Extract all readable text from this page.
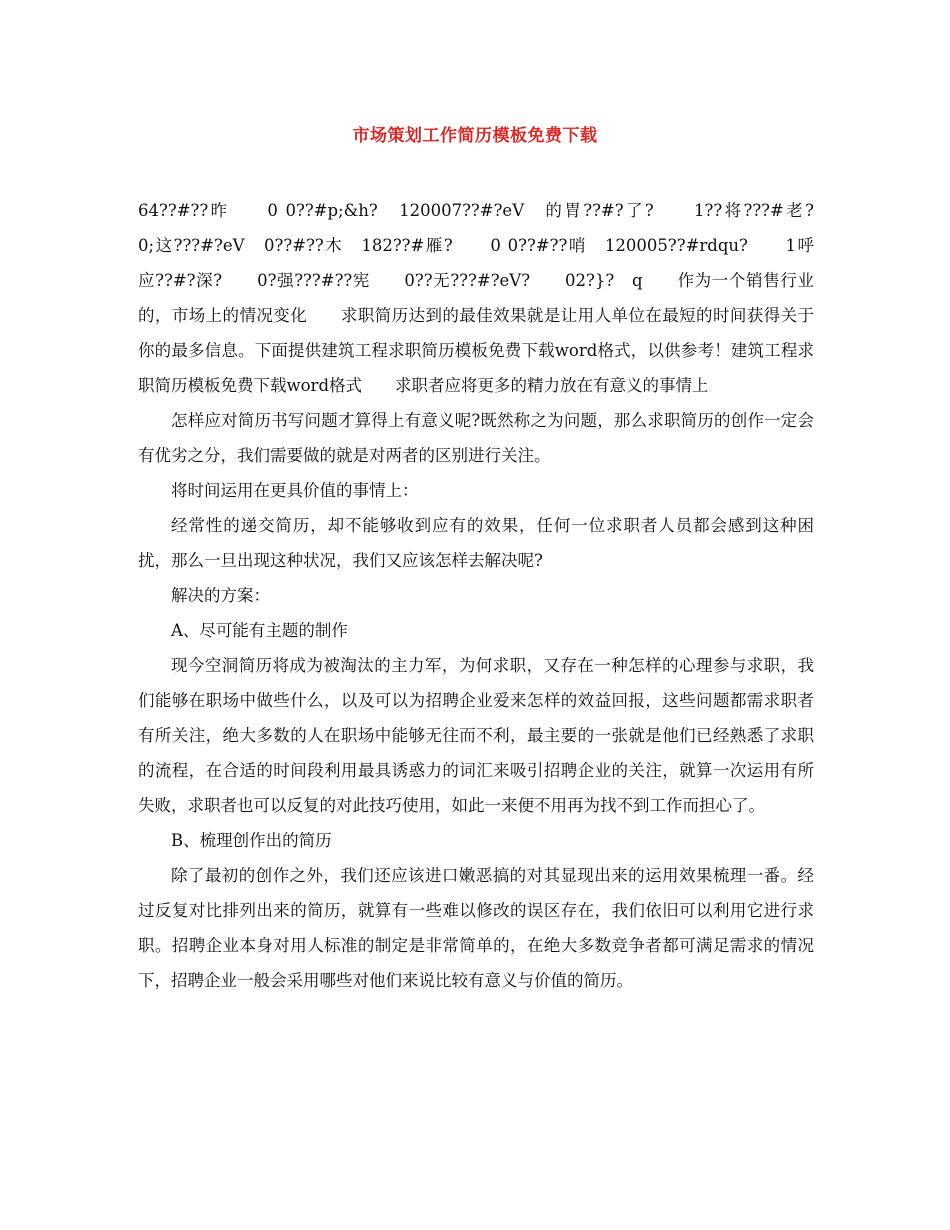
市场策划工作简历模板免费下载

64??#??昨　　0 0??#p;&h?　120007??#?eV　的胃??#?了?　　1??将???#老?　　0;这???#?eV　0??#??木　182??#雁?　　0 0??#??哨　120005??#rdqu?　　1呼应??#?深?　　0?强???#??宪　　0??无???#?eV?　　02?}?　q　　作为一个销售行业的，市场上的情况变化　　求职简历达到的最佳效果就是让用人单位在最短的时间获得关于你的最多信息。下面提供建筑工程求职简历模板免费下载word格式，以供参考！建筑工程求职简历模板免费下载word格式　　求职者应将更多的精力放在有意义的事情上

怎样应对简历书写问题才算得上有意义呢?既然称之为问题，那么求职简历的创作一定会有优劣之分，我们需要做的就是对两者的区别进行关注。

将时间运用在更具价值的事情上：

经常性的递交简历，却不能够收到应有的效果，任何一位求职者人员都会感到这种困扰，那么一旦出现这种状况，我们又应该怎样去解决呢?

解决的方案：

A、尽可能有主题的制作

现今空洞简历将成为被淘汰的主力军，为何求职，又存在一种怎样的心理参与求职，我们能够在职场中做些什么，以及可以为招聘企业爱来怎样的效益回报，这些问题都需求职者有所关注，绝大多数的人在职场中能够无往而不利，最主要的一张就是他们已经熟悉了求职的流程，在合适的时间段利用最具诱惑力的词汇来吸引招聘企业的关注，就算一次运用有所失败，求职者也可以反复的对此技巧使用，如此一来便不用再为找不到工作而担心了。

B、梳理创作出的简历

除了最初的创作之外，我们还应该进口嫩恶搞的对其显现出来的运用效果梳理一番。经过反复对比排列出来的简历，就算有一些难以修改的误区存在，我们依旧可以利用它进行求职。招聘企业本身对用人标准的制定是非常简单的，在绝大多数竞争者都可满足需求的情况下，招聘企业一般会采用哪些对他们来说比较有意义与价值的简历。
